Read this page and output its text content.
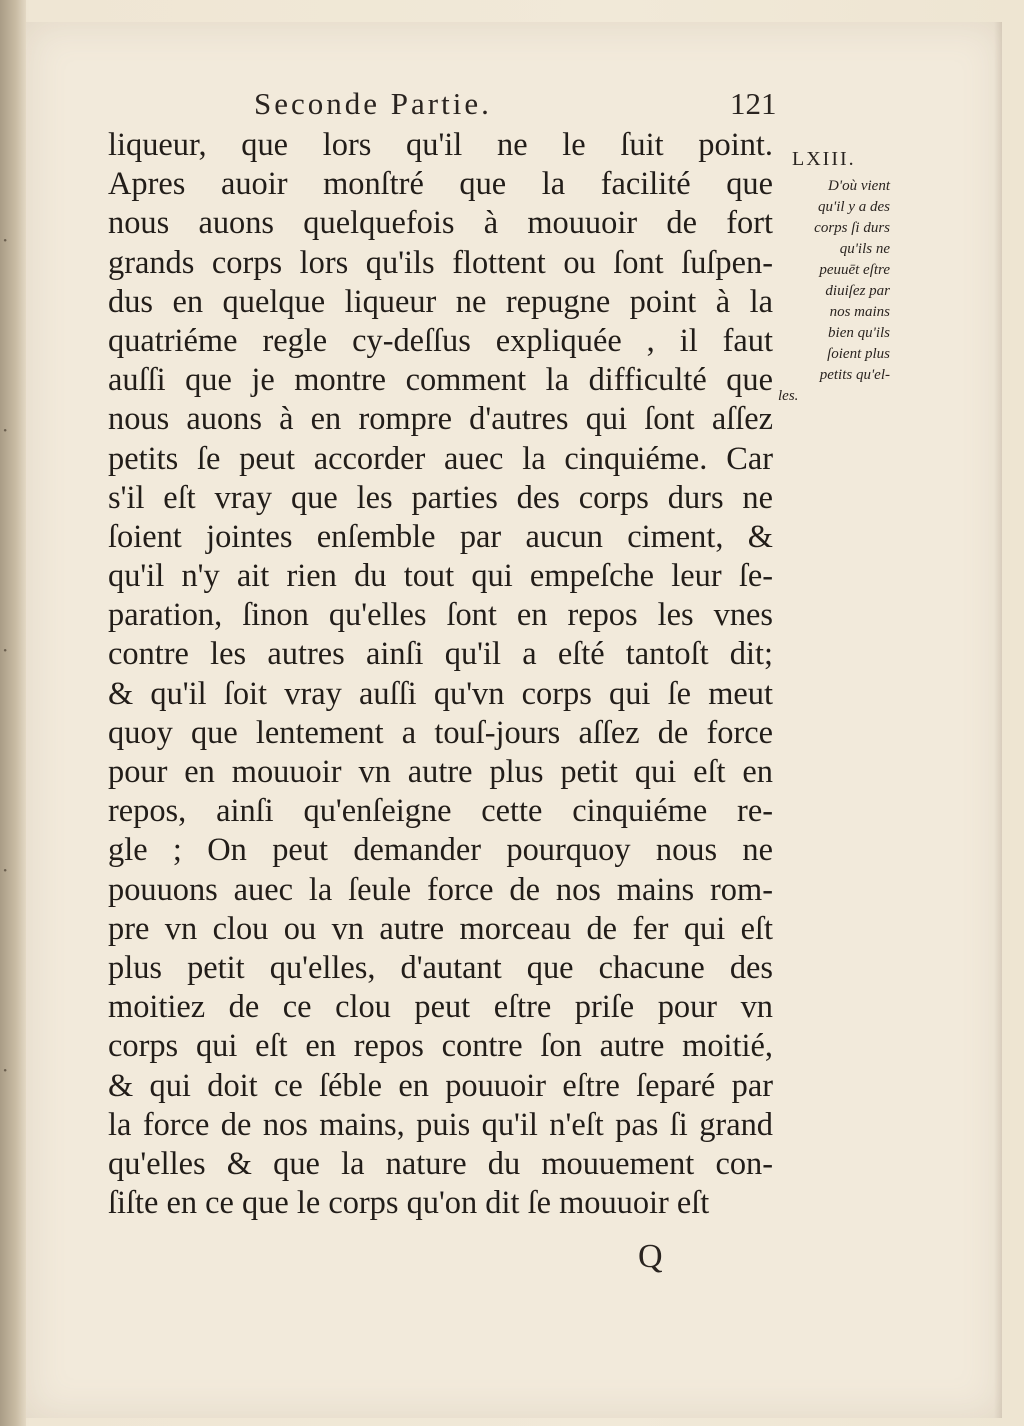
·
·
·
·
·
Seconde Partie.	121
liqueur, que lors qu'il ne le ſuit point.
Apres auoir monſtré que la facilité que
nous auons quelquefois à mouuoir de fort
grands corps lors qu'ils flottent ou ſont ſuſpen-
dus en quelque liqueur ne repugne point à la
quatriéme regle cy-deſſus expliquée , il faut
auſſi que je montre comment la difficulté que
nous auons à en rompre d'autres qui ſont aſſez
petits ſe peut accorder auec la cinquiéme. Car
s'il eſt vray que les parties des corps durs ne
ſoient jointes enſemble par aucun ciment, &
qu'il n'y ait rien du tout qui empeſche leur ſe-
paration, ſinon qu'elles ſont en repos les vnes
contre les autres ainſi qu'il a eſté tantoſt dit;
& qu'il ſoit vray auſſi qu'vn corps qui ſe meut
quoy que lentement a touſ-jours aſſez de force
pour en mouuoir vn autre plus petit qui eſt en
repos, ainſi qu'enſeigne cette cinquiéme re-
gle ; On peut demander pourquoy nous ne
pouuons auec la ſeule force de nos mains rom-
pre vn clou ou vn autre morceau de fer qui eſt
plus petit qu'elles, d'autant que chacune des
moitiez de ce clou peut eſtre priſe pour vn
corps qui eſt en repos contre ſon autre moitié,
& qui doit ce ſéble en pouuoir eſtre ſeparé par
la force de nos mains, puis qu'il n'eſt pas ſi grand
qu'elles & que la nature du mouuement con-
ſiſte en ce que le corps qu'on dit ſe mouuoir eſt
LXIII.
D'où vient
qu'il y a des
corps ſi durs
qu'ils ne
peuuēt eſtre
diuiſez par
nos mains
bien qu'ils
ſoient plus
petits qu'el-
les.
Q
